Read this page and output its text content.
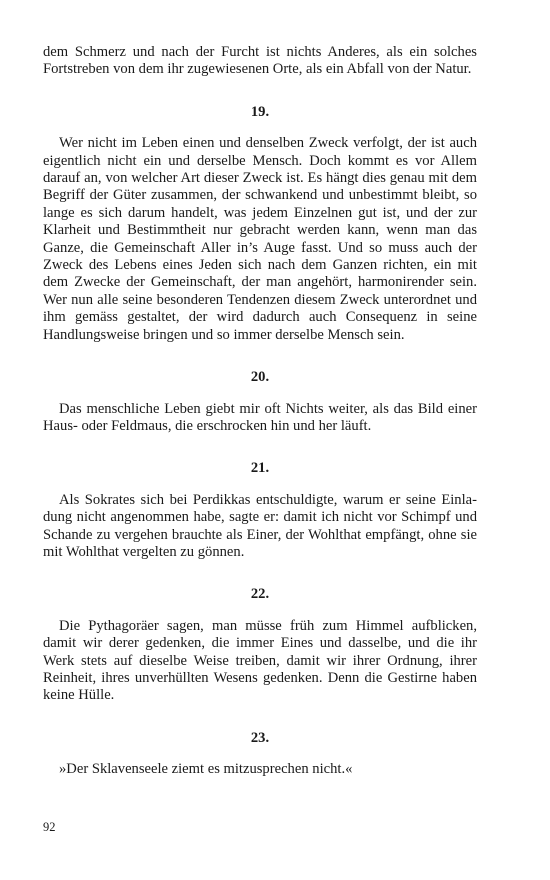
dem Schmerz und nach der Furcht ist nichts Anderes, als ein solches Fortstreben von dem ihr zugewiesenen Orte, als ein Abfall von der Natur.

19.

Wer nicht im Leben einen und denselben Zweck verfolgt, der ist auch eigentlich nicht ein und derselbe Mensch. Doch kommt es vor Allem darauf an, von welcher Art dieser Zweck ist. Es hängt dies genau mit dem Begriff der Güter zusammen, der schwankend und unbestimmt bleibt, so lange es sich darum handelt, was jedem Einzelnen gut ist, und der zur Klarheit und Bestimmtheit nur gebracht werden kann, wenn man das Ganze, die Gemeinschaft Aller in’s Auge fasst. Und so muss auch der Zweck des Lebens eines Jeden sich nach dem Ganzen richten, ein mit dem Zwecke der Gemeinschaft, der man angehört, harmonirender sein. Wer nun alle seine besonderen Tendenzen diesem Zweck unterordnet und ihm gemäss gestaltet, der wird dadurch auch Consequenz in seine Handlungsweise bringen und so immer derselbe Mensch sein.

20.

Das menschliche Leben giebt mir oft Nichts weiter, als das Bild einer Haus- oder Feldmaus, die erschrocken hin und her läuft.

21.

Als Sokrates sich bei Perdikkas entschuldigte, warum er seine Einladung nicht angenommen habe, sagte er: damit ich nicht vor Schimpf und Schande zu vergehen brauchte als Einer, der Wohlthat empfängt, ohne sie mit Wohlthat vergelten zu gönnen.

22.

Die Pythagoräer sagen, man müsse früh zum Himmel aufblicken, damit wir derer gedenken, die immer Eines und dasselbe, und die ihr Werk stets auf dieselbe Weise treiben, damit wir ihrer Ordnung, ihrer Reinheit, ihres unverhüllten Wesens gedenken. Denn die Gestirne haben keine Hülle.

23.

»Der Sklavenseele ziemt es mitzusprechen nicht.«

92
